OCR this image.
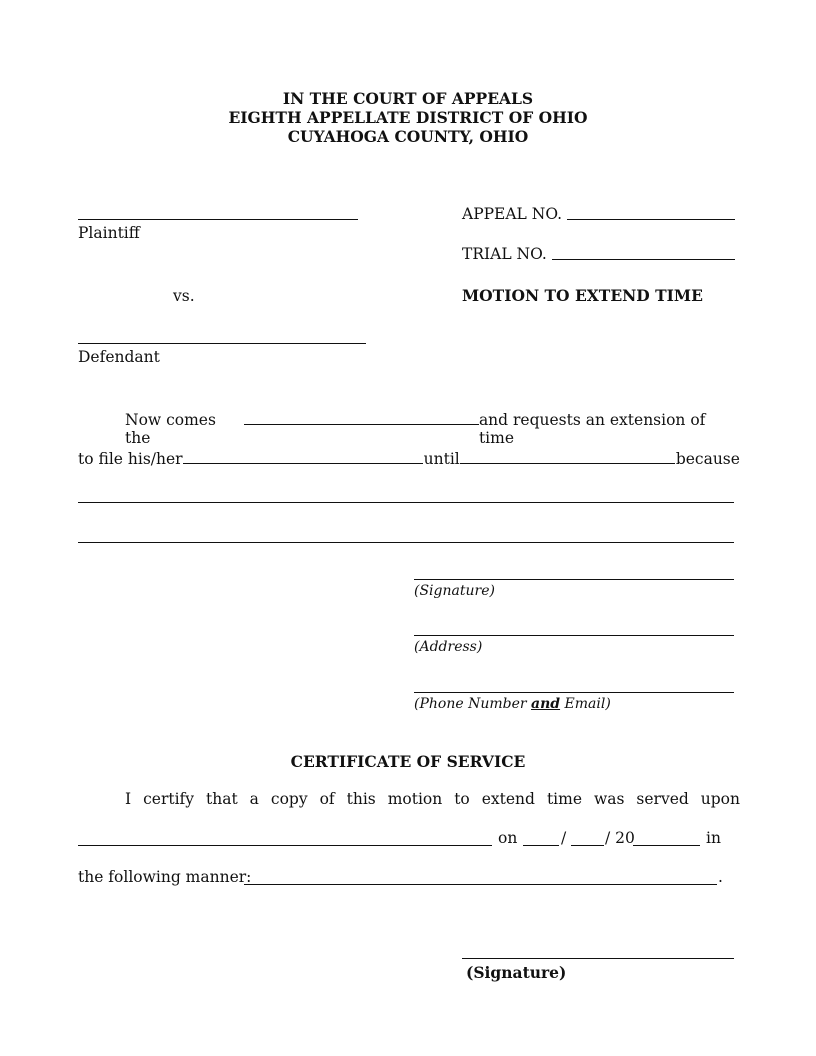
IN THE COURT OF APPEALS
EIGHTH APPELLATE DISTRICT OF OHIO
CUYAHOGA COUNTY, OHIO
Plaintiff
APPEAL NO.
TRIAL NO.
vs.	MOTION TO EXTEND TIME
Defendant
Now comes the
and requests an extension of time
to file his/her	until	because
(Signature)
(Address)
(Phone Number and Email)
CERTIFICATE OF SERVICE
I certify that a copy of this motion to extend time was served upon
on	/	/ 20	in
the following manner:	.
(Signature)
